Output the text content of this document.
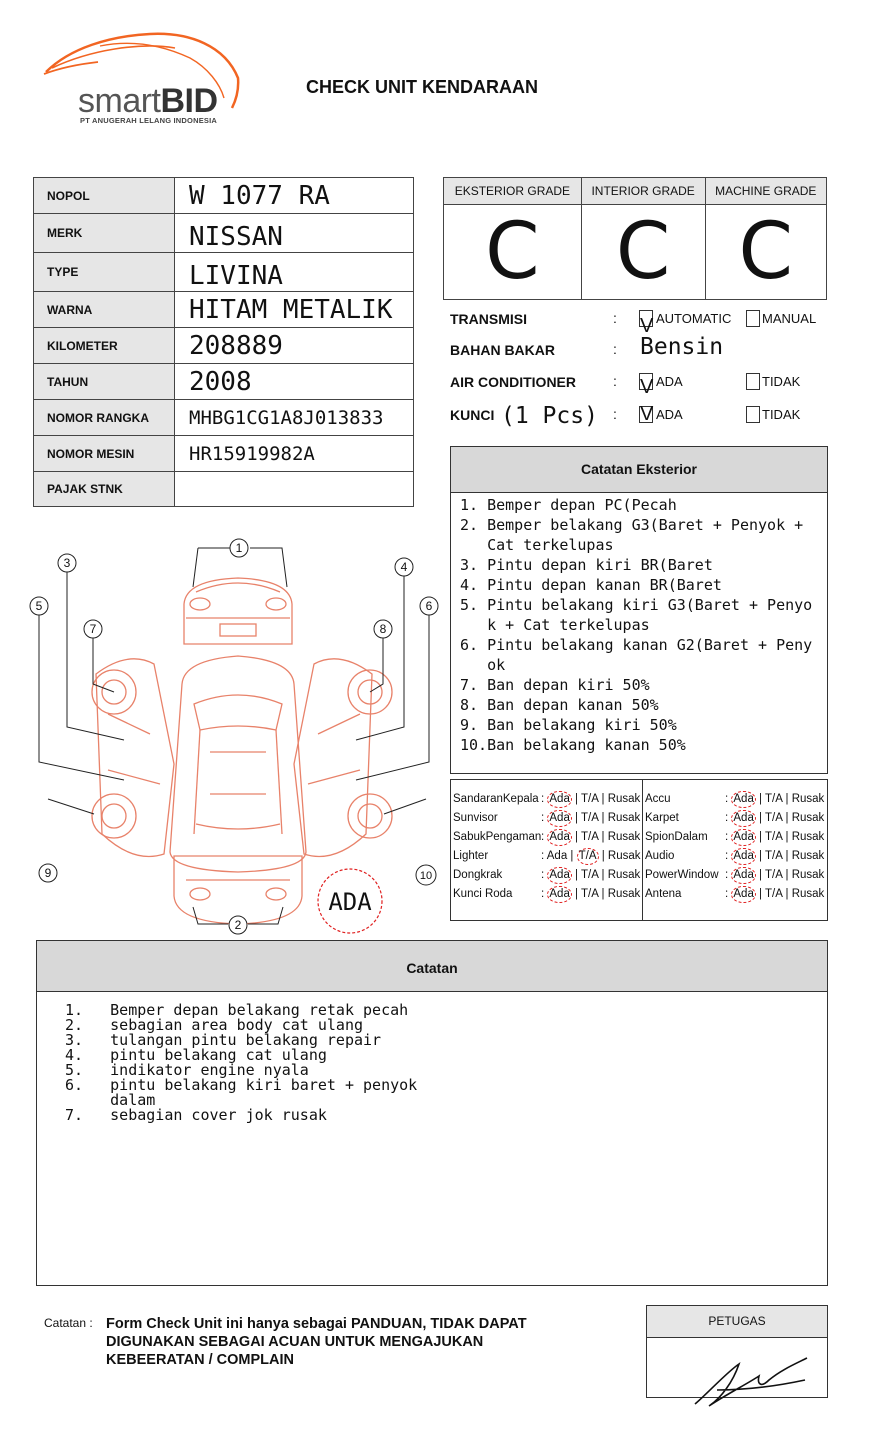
smartBID
PT ANUGERAH LELANG INDONESIA
CHECK UNIT KENDARAAN
NOPOL	W 1077 RA
MERK	NISSAN
TYPE	LIVINA
WARNA	HITAM METALIK
KILOMETER	208889
TAHUN	2008
NOMOR RANGKA	MHBG1CG1A8J013833
NOMOR MESIN	HR15919982A
PAJAK STNK	
EKSTERIOR GRADE	INTERIOR GRADE	MACHINE GRADE
C	C	C
TRANSMISI	: V AUTOMATIC MANUAL
BAHAN BAKAR	: Bensin
AIR CONDITIONER	: V ADA	TIDAK
KUNCI (1 Pcs) : V ADA	TIDAK
Catatan Eksterior
1. Bemper depan PC(Pecah
2. Bemper belakang G3(Baret + Penyok +
Cat terkelupas
3. Pintu depan kiri BR(Baret
4. Pintu depan kanan BR(Baret
5. Pintu belakang kiri G3(Baret + Penyo
k + Cat terkelupas
6. Pintu belakang kanan G2(Baret + Peny
ok
7. Ban depan kiri 50%
8. Ban depan kanan 50%
9. Ban belakang kiri 50%
10.Ban belakang kanan 50%
SandaranKepala : Ada | T/A | Rusak
Sunvisor	: Ada | T/A | Rusak
SabukPengaman: Ada | T/A | Rusak
Lighter	: Ada | T/A | Rusak
Dongkrak	: Ada | T/A | Rusak
Kunci Roda : Ada | T/A | Rusak
Accu	: Ada | T/A | Rusak
Karpet	: Ada | T/A | Rusak
SpionDalam : Ada | T/A | Rusak
Audio	: Ada | T/A | Rusak
PowerWindow : Ada | T/A | Rusak
Antena	: Ada | T/A | Rusak
1
2
3	4
5	6
7	8
9	10
ADA
Catatan
1.   Bemper depan belakang retak pecah
2.   sebagian area body cat ulang
3.   tulangan pintu belakang repair
4.   pintu belakang cat ulang
5.   indikator engine nyala
6.   pintu belakang kiri baret + penyok
dalam
7.   sebagian cover jok rusak
Catatan : Form Check Unit ini hanya sebagai PANDUAN, TIDAK DAPAT DIGUNAKAN SEBAGAI ACUAN UNTUK MENGAJUKAN KEBEERATAN / COMPLAIN
PETUGAS
